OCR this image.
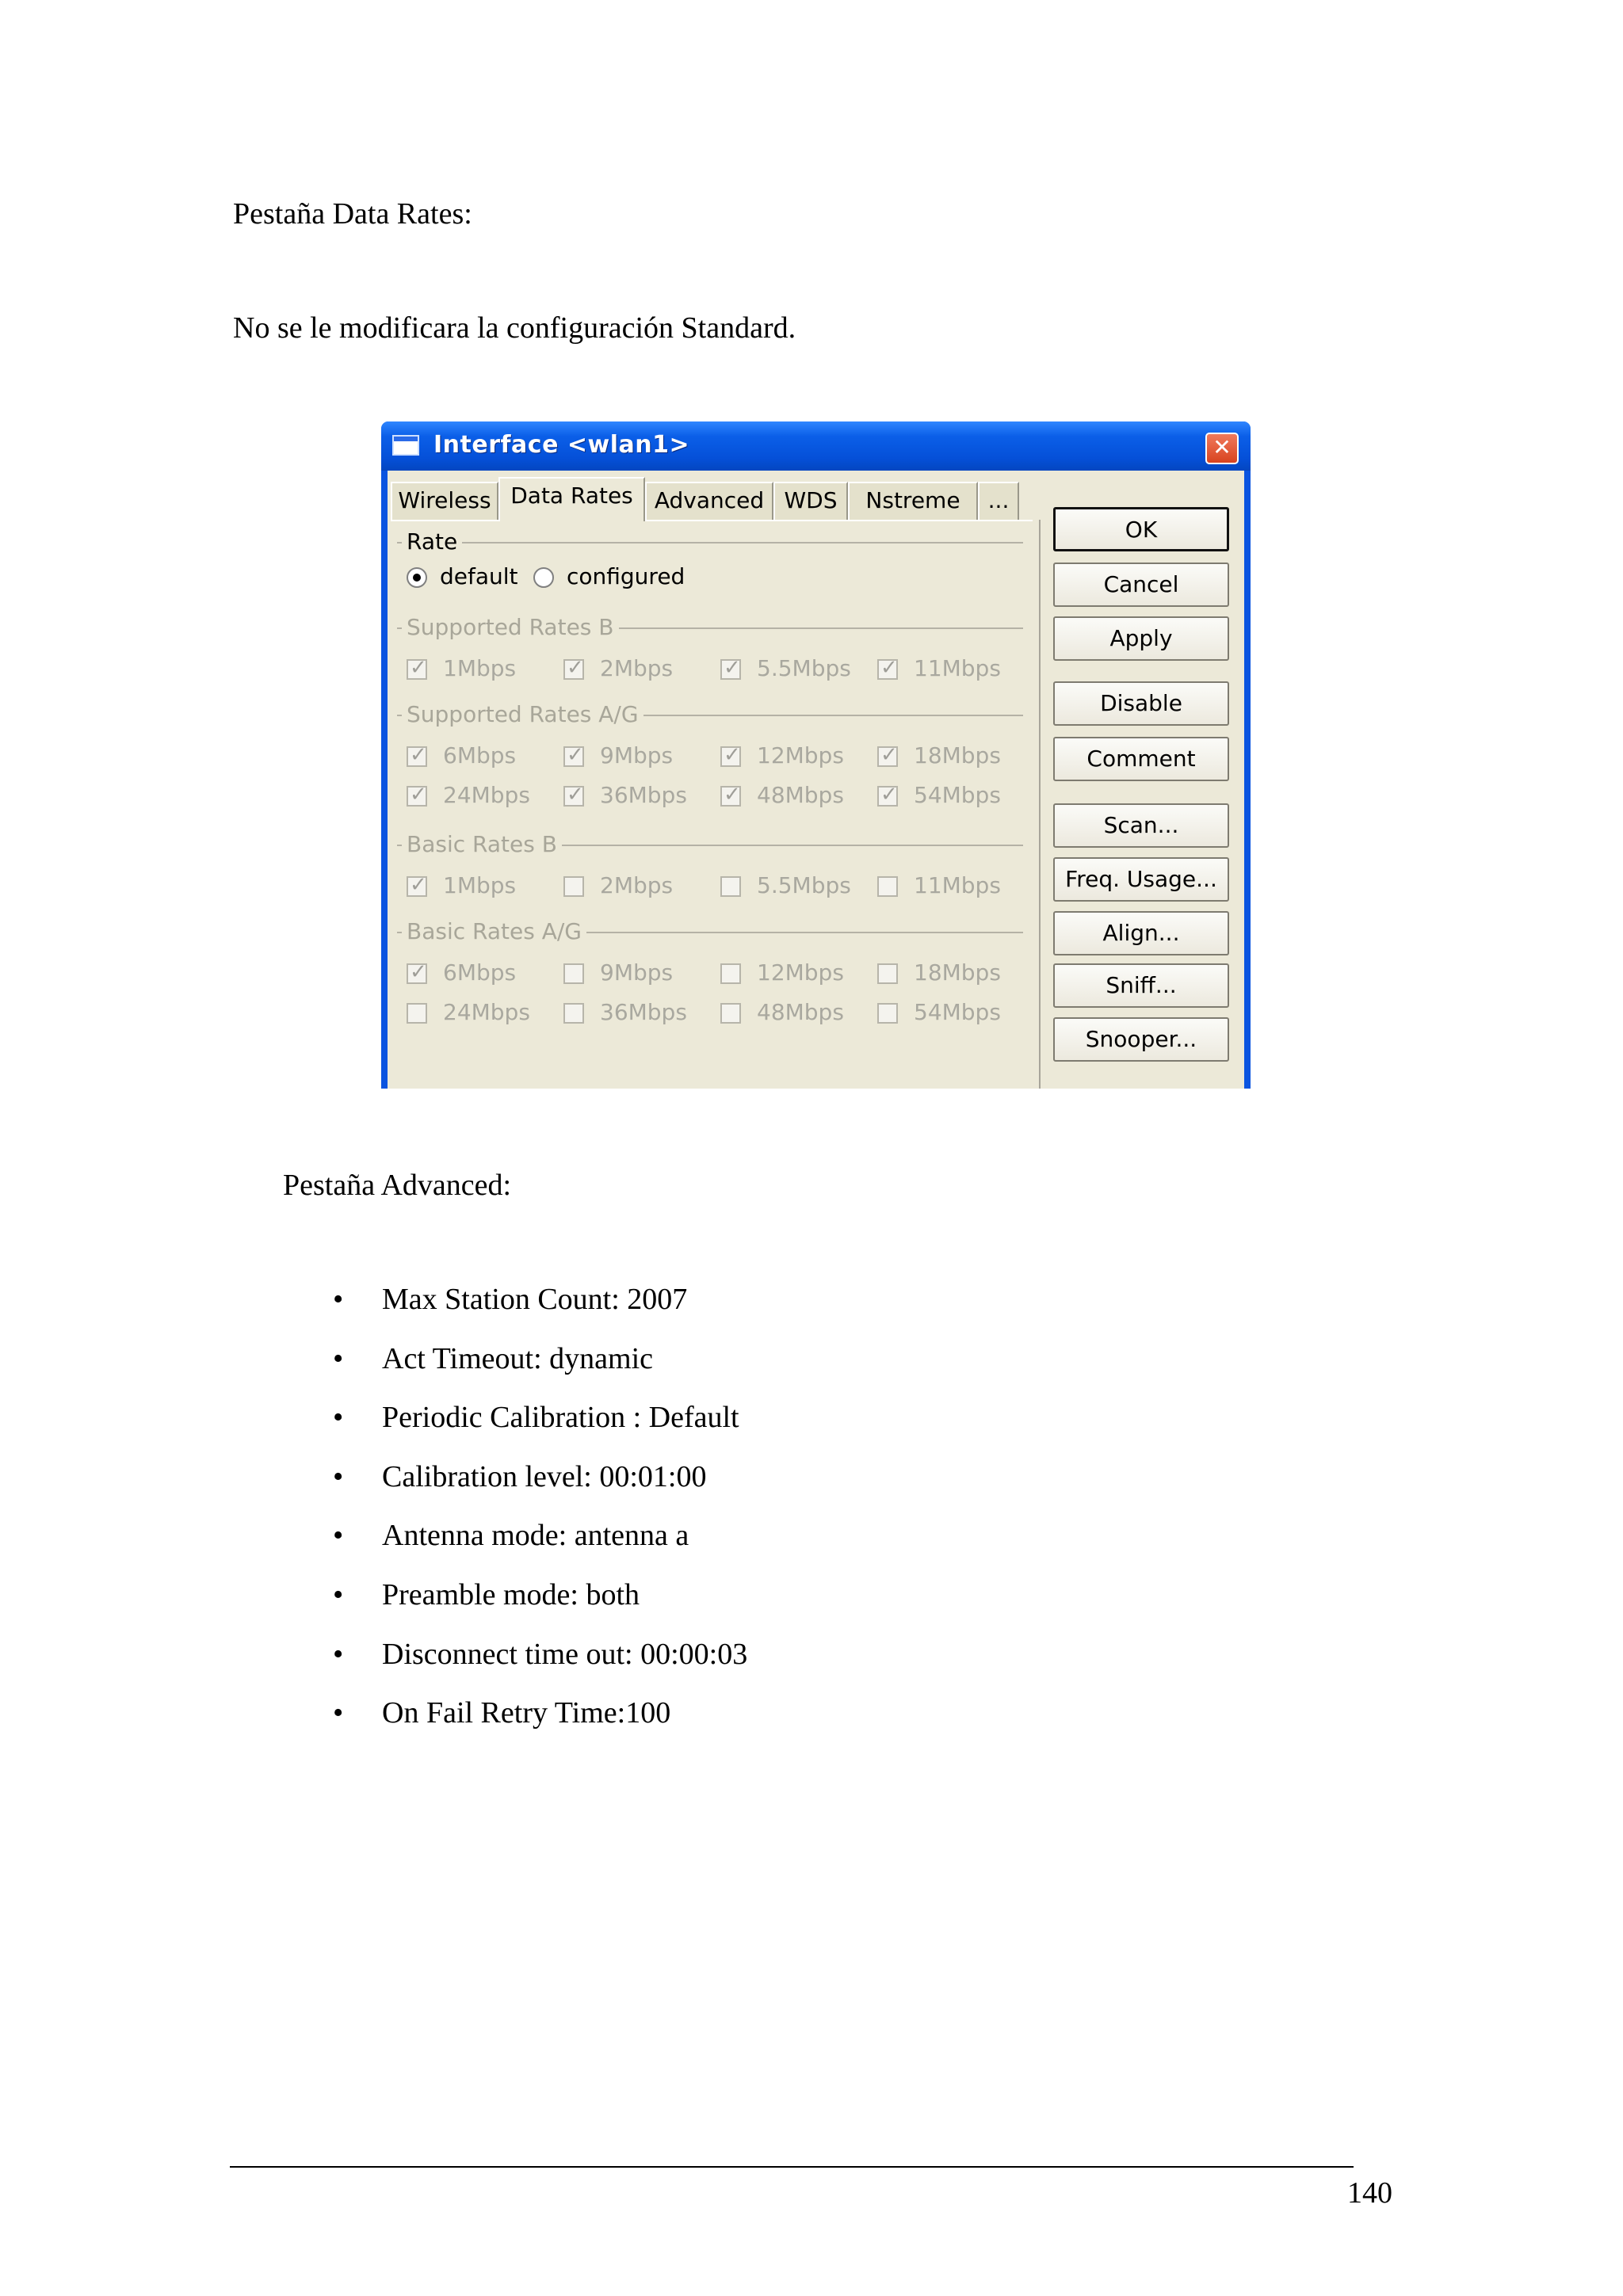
Pestaña Data Rates:

No se le modificara la configuración Standard.

Interface <wlan1>	✕
Wireless Data Rates Advanced WDS	Nstreme	...
Rate
default configured
Supported Rates B
✓ 1Mbps ✓ 2Mbps ✓ 5.5Mbps ✓ 11Mbps
Supported Rates A/G
✓ 6Mbps ✓ 9Mbps ✓ 12Mbps ✓ 18Mbps
✓ 24Mbps ✓ 36Mbps ✓ 48Mbps ✓ 54Mbps
Basic Rates B
✓ 1Mbps	2Mbps	5.5Mbps	11Mbps
Basic Rates A/G
✓ 6Mbps	9Mbps	12Mbps	18Mbps
24Mbps	36Mbps	48Mbps	54Mbps
OK
Cancel
Apply
Disable
Comment
Scan...
Freq. Usage...
Align...
Sniff...
Snooper...

Pestaña Advanced:

• Max Station Count: 2007
• Act Timeout: dynamic
• Periodic Calibration : Default
• Calibration level: 00:01:00
• Antenna mode: antenna a
• Preamble mode: both
• Disconnect time out: 00:00:03
• On Fail Retry Time:100
140
